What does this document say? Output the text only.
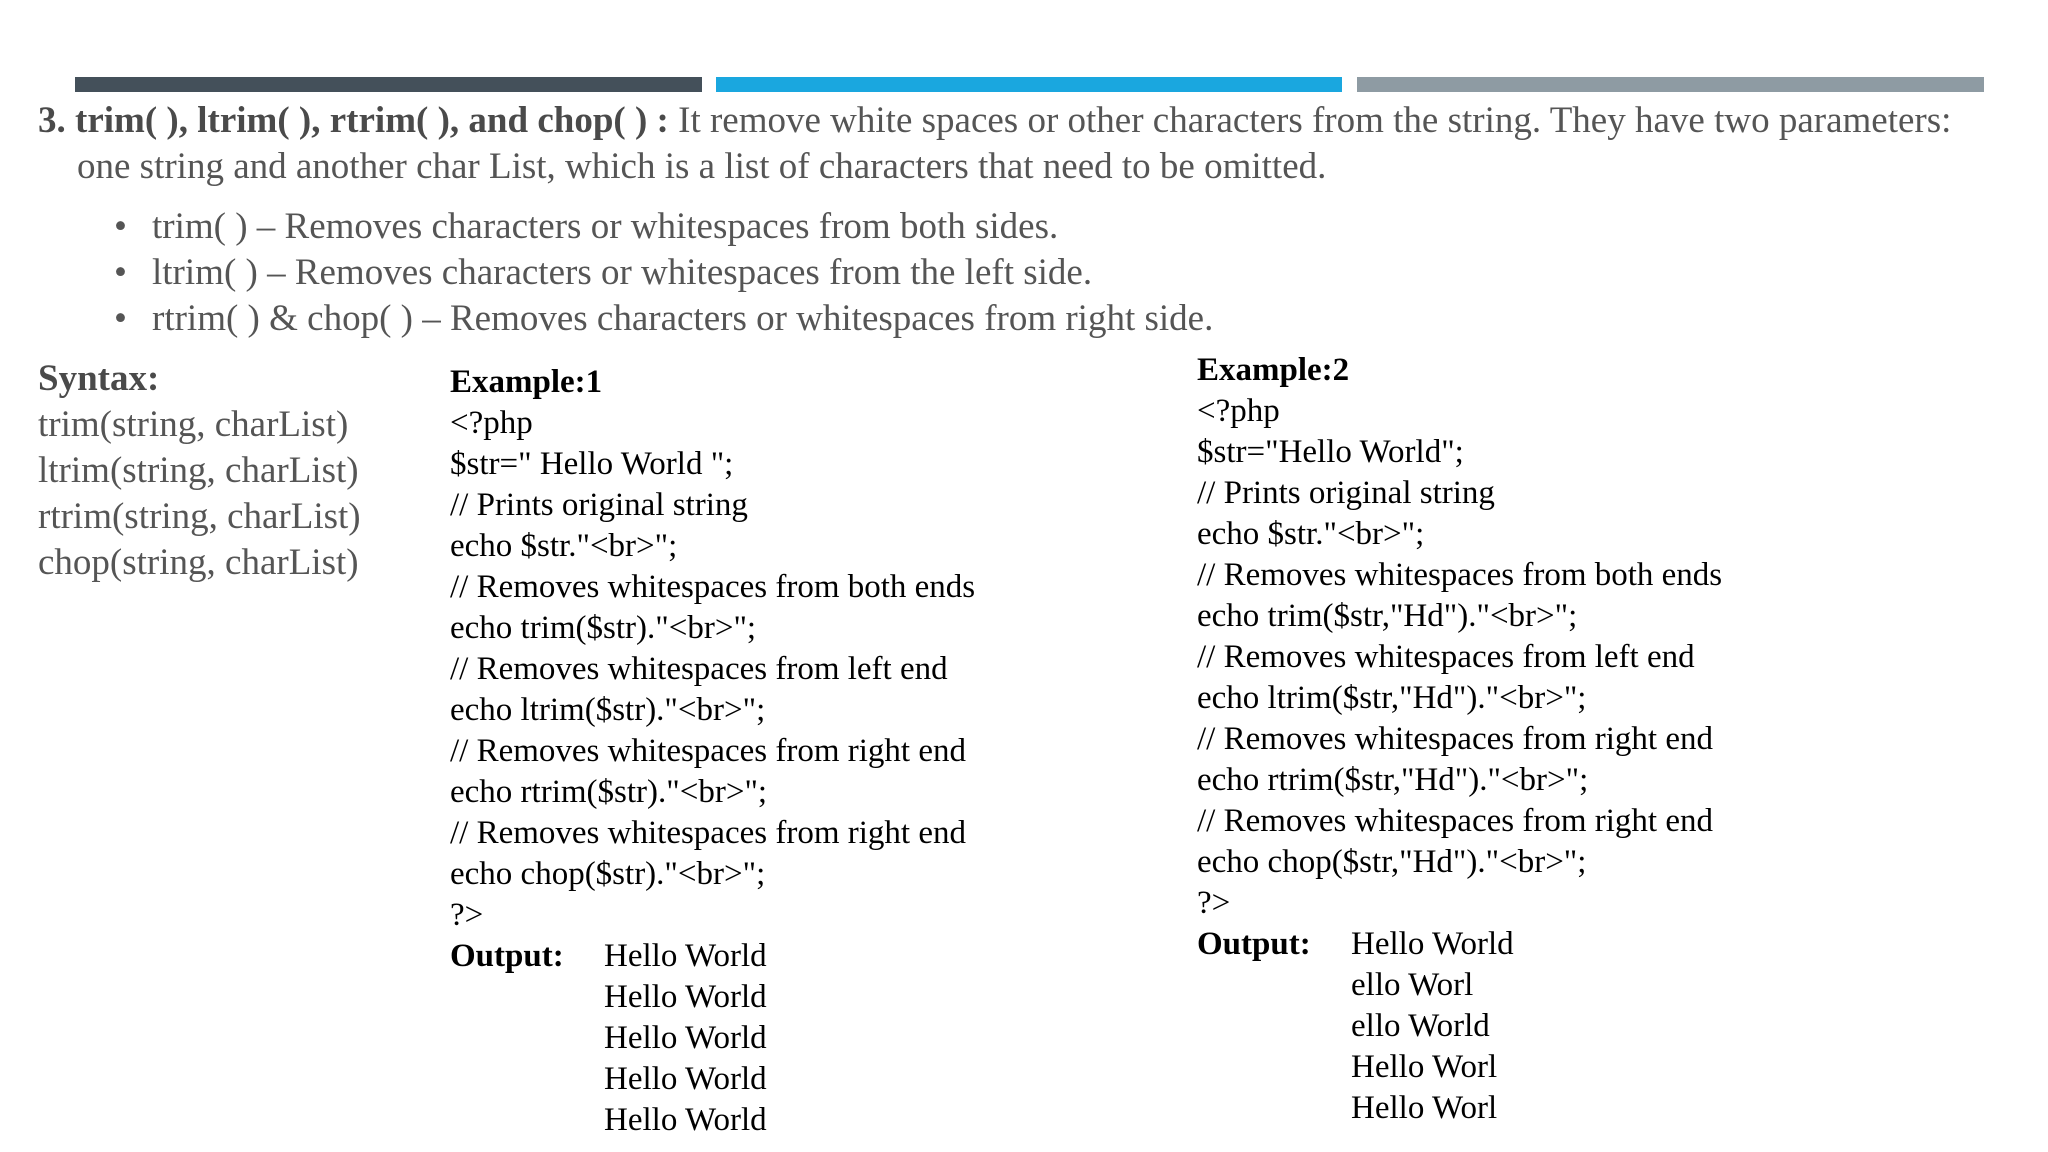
3. trim( ), ltrim( ), rtrim( ), and chop( ) : It remove white spaces or other characters from the string. They have two parameters:
one string and another char List, which is a list of characters that need to be omitted.
• trim( ) – Removes characters or whitespaces from both sides.
• ltrim( ) – Removes characters or whitespaces from the left side.
• rtrim( ) & chop( ) – Removes characters or whitespaces from right side.
Syntax:
trim(string, charList)
ltrim(string, charList)
rtrim(string, charList)
chop(string, charList)
Example:1
<?php
$str=" Hello World ";
// Prints original string
echo $str."<br>";
// Removes whitespaces from both ends
echo trim($str)."<br>";
// Removes whitespaces from left end
echo ltrim($str)."<br>";
// Removes whitespaces from right end
echo rtrim($str)."<br>";
// Removes whitespaces from right end
echo chop($str)."<br>";
?>
Output: Hello World
Hello World
Hello World
Hello World
Hello World
Example:2
<?php
$str="Hello World";
// Prints original string
echo $str."<br>";
// Removes whitespaces from both ends
echo trim($str,"Hd")."<br>";
// Removes whitespaces from left end
echo ltrim($str,"Hd")."<br>";
// Removes whitespaces from right end
echo rtrim($str,"Hd")."<br>";
// Removes whitespaces from right end
echo chop($str,"Hd")."<br>";
?>
Output: Hello World
ello Worl
ello World
Hello Worl
Hello Worl
